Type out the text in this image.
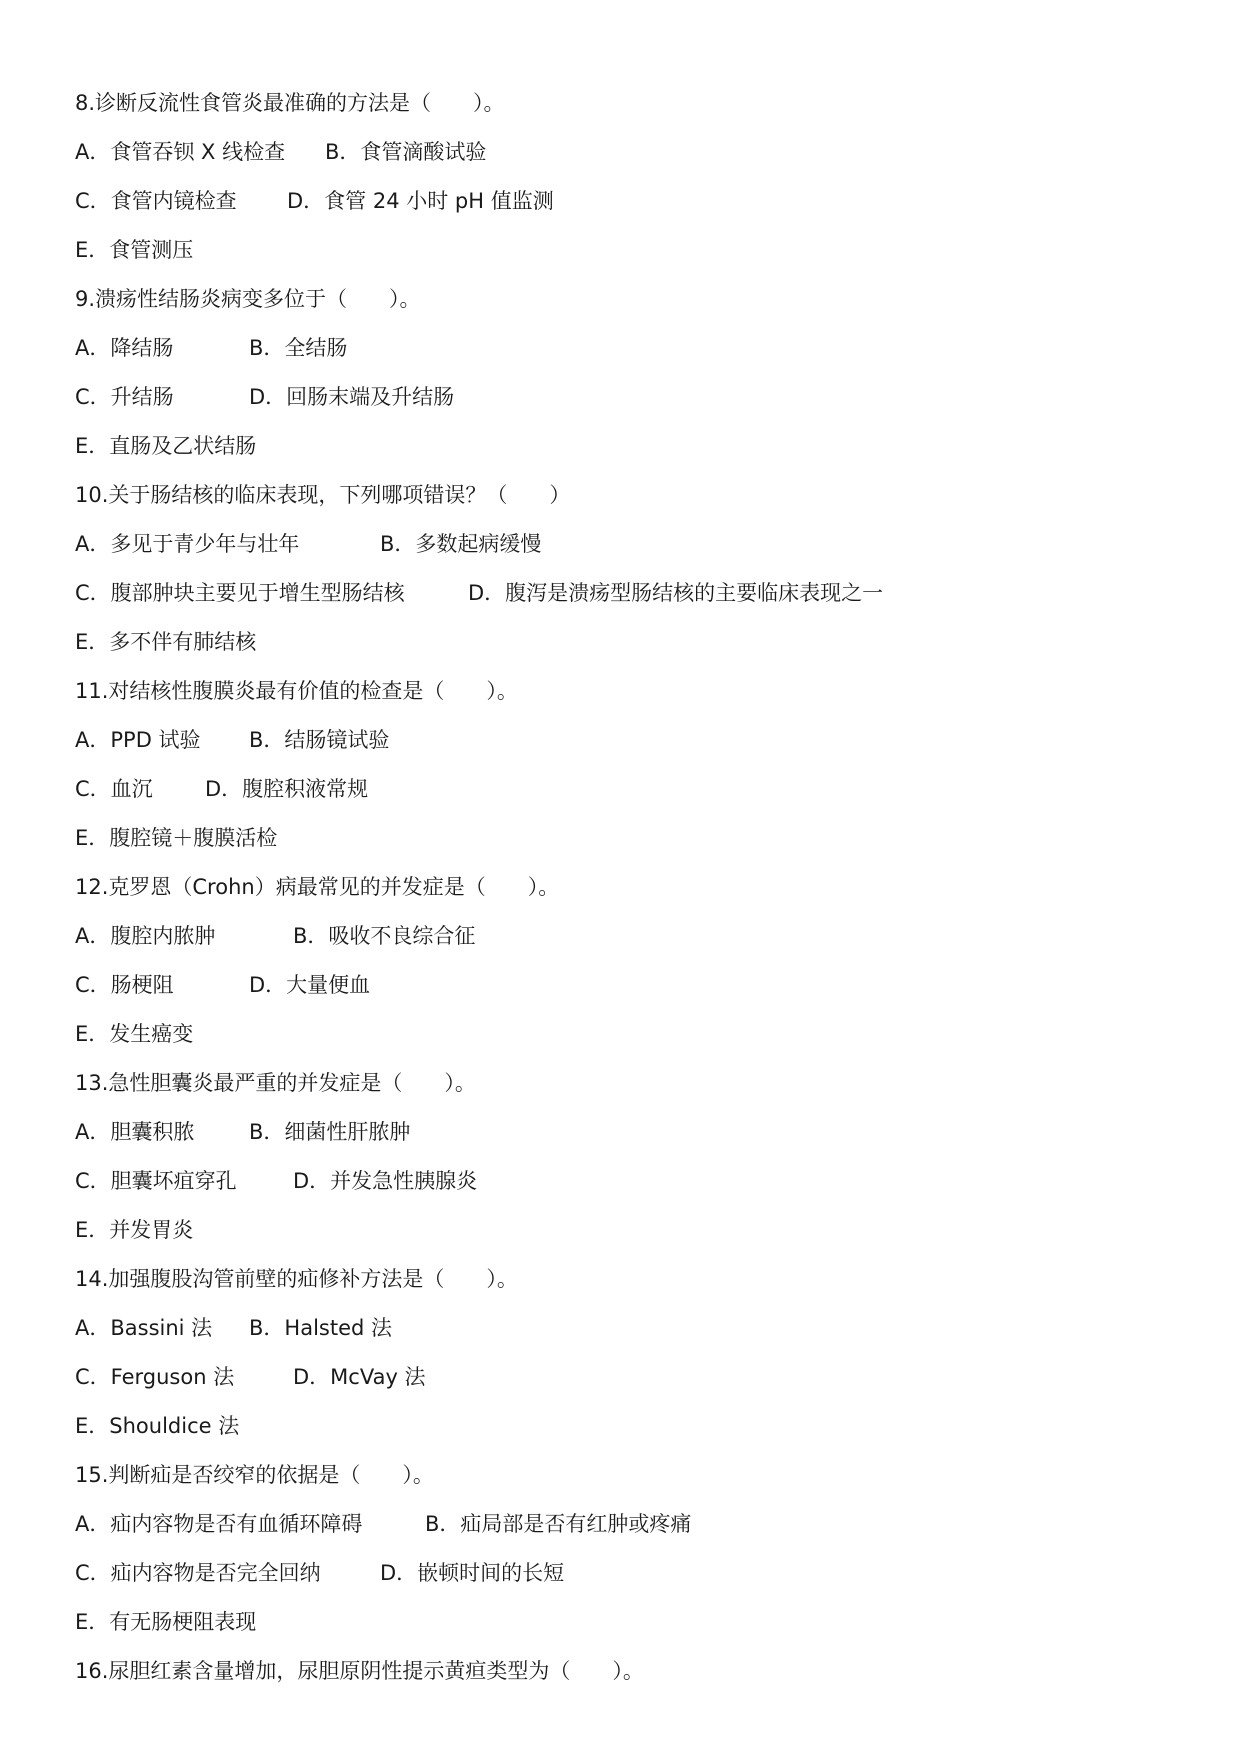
8.诊断反流性食管炎最准确的方法是（　　）。
A．食管吞钡 X 线检查	B．食管滴酸试验
C．食管内镜检查	D．食管 24 小时 pH 值监测
E．食管测压
9.溃疡性结肠炎病变多位于（　　）。
A．降结肠	B．全结肠
C．升结肠	D．回肠末端及升结肠
E．直肠及乙状结肠
10.关于肠结核的临床表现，下列哪项错误？（　　）
A．多见于青少年与壮年	B．多数起病缓慢
C．腹部肿块主要见于增生型肠结核	D．腹泻是溃疡型肠结核的主要临床表现之一
E．多不伴有肺结核
11.对结核性腹膜炎最有价值的检查是（　　）。
A．PPD 试验	B．结肠镜试验
C．血沉	D．腹腔积液常规
E．腹腔镜＋腹膜活检
12.克罗恩（Crohn）病最常见的并发症是（　　）。
A．腹腔内脓肿	B．吸收不良综合征
C．肠梗阻	D．大量便血
E．发生癌变
13.急性胆囊炎最严重的并发症是（　　）。
A．胆囊积脓	B．细菌性肝脓肿
C．胆囊坏疽穿孔	D．并发急性胰腺炎
E．并发胃炎
14.加强腹股沟管前壁的疝修补方法是（　　）。
A．Bassini 法	B．Halsted 法
C．Ferguson 法	D．McVay 法
E．Shouldice 法
15.判断疝是否绞窄的依据是（　　）。
A．疝内容物是否有血循环障碍	B．疝局部是否有红肿或疼痛
C．疝内容物是否完全回纳	D．嵌顿时间的长短
E．有无肠梗阻表现
16.尿胆红素含量增加，尿胆原阴性提示黄疸类型为（　　）。
